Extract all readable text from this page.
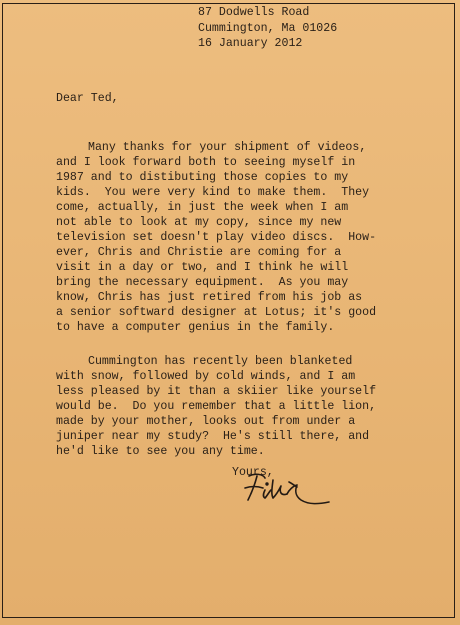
87 Dodwells Road
Cummington, Ma 01026
16 January 2012
Dear Ted,
Many thanks for your shipment of videos,
and I look forward both to seeing myself in
1987 and to distibuting those copies to my
kids.  You were very kind to make them.  They
come, actually, in just the week when I am
not able to look at my copy, since my new
television set doesn't play video discs.  How-
ever, Chris and Christie are coming for a
visit in a day or two, and I think he will
bring the necessary equipment.  As you may
know, Chris has just retired from his job as
a senior softward designer at Lotus; it's good
to have a computer genius in the family.
Cummington has recently been blanketed
with snow, followed by cold winds, and I am
less pleased by it than a skiier like yourself
would be.  Do you remember that a little lion,
made by your mother, looks out from under a
juniper near my study?  He's still there, and
he'd like to see you any time.
Yours,
